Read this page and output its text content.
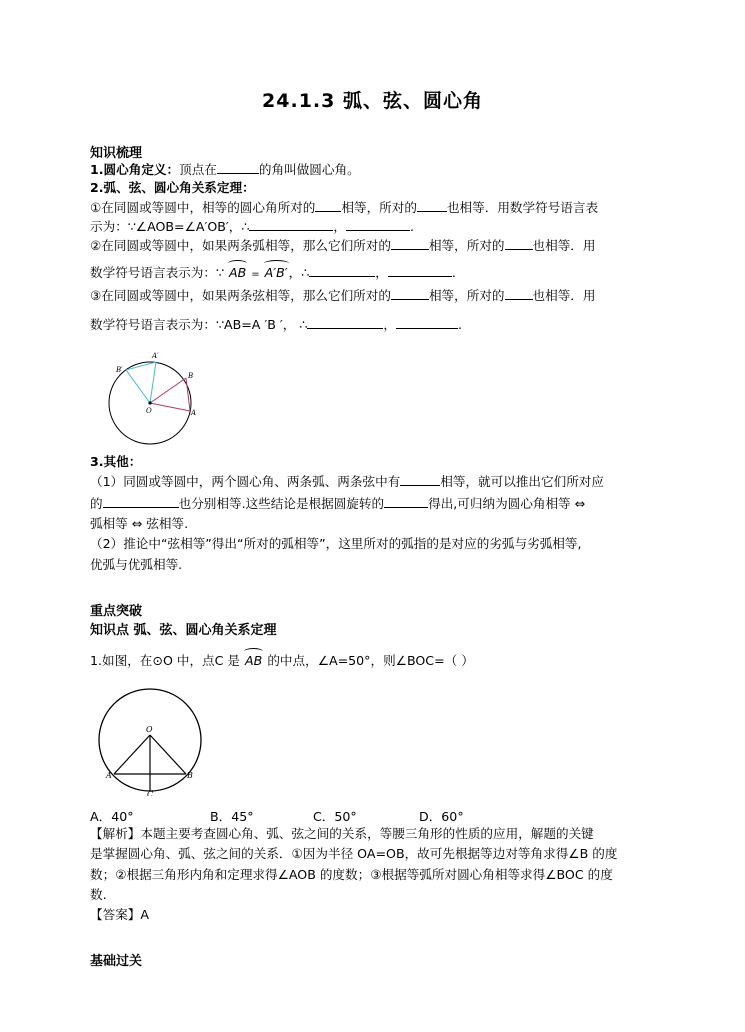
24.1.3 弧、弦、圆心角
知识梳理
1.圆心角定义：顶点在	的角叫做圆心角。
2.弧、弦、圆心角关系定理：
①在同圆或等圆中，相等的圆心角所对的 相等，所对的 也相等．用数学符号语言表
示为：∵∠AOB=∠A′OB′，∴	，	.
②在同圆或等圆中，如果两条弧相等，那么它们所对的	相等，所对的 也相等．用
数学符号语言表示为：∵ AB = A′B′，∴	，	.
③在同圆或等圆中，如果两条弦相等，那么它们所对的	相等，所对的 也相等．用
数学符号语言表示为：∵AB=A ′B ′， ∴	，	.
B′
A′
B
A
O
3.其他：
（1）同圆或等圆中，两个圆心角、两条弧、两条弦中有	相等，就可以推出它们所对应
的	也分别相等.这些结论是根据圆旋转的	得出,可归纳为圆心角相等 ⇔
弧相等 ⇔ 弦相等.
（2）推论中“弦相等”得出“所对的弧相等”，这里所对的弧指的是对应的劣弧与劣弧相等,
优弧与优弧相等.
重点突破
知识点 弧、弦、圆心角关系定理
1.如图，在⊙O 中，点C 是 AB 的中点，∠A=50°，则∠BOC=（ ）
O
A	B
C
A．40°	B．45°	C．50°	D．60°
【解析】本题主要考查圆心角、弧、弦之间的关系，等腰三角形的性质的应用，解题的关键
是掌握圆心角、弧、弦之间的关系．①因为半径 OA=OB，故可先根据等边对等角求得∠B 的度
数；②根据三角形内角和定理求得∠AOB 的度数；③根据等弧所对圆心角相等求得∠BOC 的度
数.
【答案】A
基础过关
